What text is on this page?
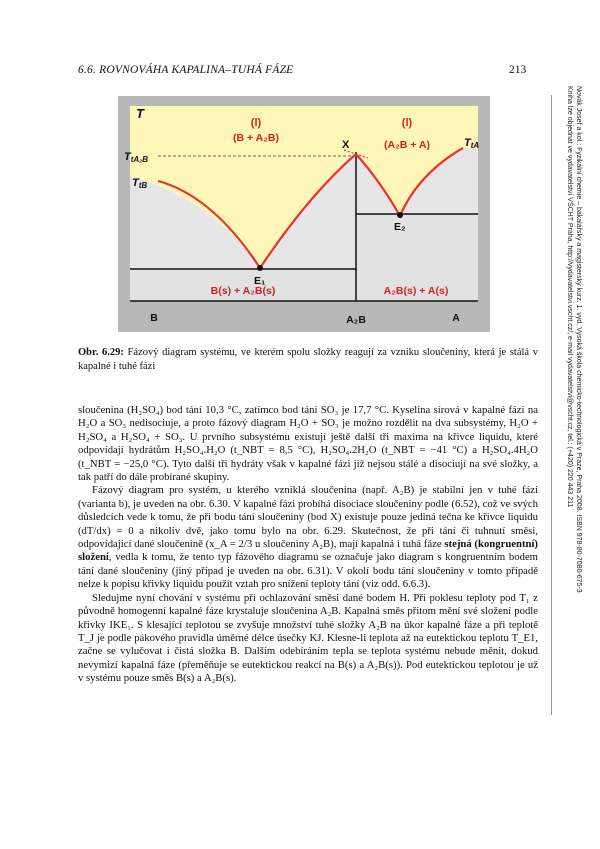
6.6. ROVNOVÁHA KAPALINA–TUHÁ FÁZE	213
Novák Josef a kol.: Fyzikální chemie – bakalářský a magisterský kurz. 1. vyd. Vysoká škola chemicko-technologická v Praze, Praha 2008. ISBN 978-80-7080-675-3
Kniha lze objednat ve vydavatelství VŠCHT Praha, http://vydavatelstvi.vscht.cz/, e-mail vydavatelstvi@vscht.cz, tel.: (+420) 220 443 211
T
TtA₂B
TtB
TtA
(l)
(B + A₂B)
(l)
(A₂B + A)
X
E₁
E₂
B(s) + A₂B(s)	A₂B(s) + A(s)
B	A₂B	A
Obr. 6.29: Fázový diagram systému, ve kterém spolu složky reagují za vzniku sloučeniny, která je stálá v kapalné i tuhé fázi

sloučenina (H₂SO₄) bod tání 10,3 °C, zatímco bod tání SO₃ je 17,7 °C. Kyselina sírová v kapalné fázi na H₂O a SO₃ nedisociuje, a proto fázový diagram H₂O + SO₃ je možno rozdělit na dva subsystémy, H₂O + H₂SO₄ a H₂SO₄ + SO₃. U prvního subsystému existují ještě další tři maxima na křivce liquidu, které odpovídají hydrátům H₂SO₄.H₂O (t_NBT = 8,5 °C), H₂SO₄.2H₂O (t_NBT = −41 °C) a H₂SO₄.4H₂O (t_NBT = −25,0 °C). Tyto další tři hydráty však v kapalné fázi již nejsou stálé a disociují na své složky, a tak patří do dále probírané skupiny.

Fázový diagram pro systém, u kterého vzniklá sloučenina (např. A₂B) je stabilní jen v tuhé fázi (varianta b), je uveden na obr. 6.30. V kapalné fázi probíhá disociace sloučeniny podle (6.52), což ve svých důsledcích vede k tomu, že při bodu tání sloučeniny (bod X) existuje pouze jediná tečna ke křivce liquidu (dT/dx) = 0 a nikoliv dvě, jako tomu bylo na obr. 6.29. Skutečnost, že při tání či tuhnutí směsi, odpovídající dané sloučenině (x_A = 2/3 u sloučeniny A₂B), mají kapalná i tuhá fáze stejná (kongruentní) složení, vedla k tomu, že tento typ fázového diagramu se označuje jako diagram s kongruentním bodem tání dané sloučeniny (jiný případ je uveden na obr. 6.31). V okolí bodu tání sloučeniny v tomto případě nelze k popisu křivky liquidu použít vztah pro snížení teploty tání (viz odd. 6.6.3).

Sledujme nyní chování v systému při ochlazování směsi dané bodem H. Při poklesu teploty pod T₁ z původně homogenní kapalné fáze krystaluje sloučenina A₂B. Kapalná směs přitom mění své složení podle křivky IKE₁. S klesající teplotou se zvyšuje množství tuhé složky A₂B na úkor kapalné fáze a při teplotě T_J je podle pákového pravidla úměrné délce úsečky KJ. Klesne-li teplota až na eutektickou teplotu T_E1, začne se vylučovat i čistá složka B. Dalším odebíráním tepla se teplota systému nebude měnit, dokud nevymizí kapalná fáze (přeměňuje se eutektickou reakcí na B(s) a A₂B(s)). Pod eutektickou teplotou je už v systému pouze směs B(s) a A₂B(s).
